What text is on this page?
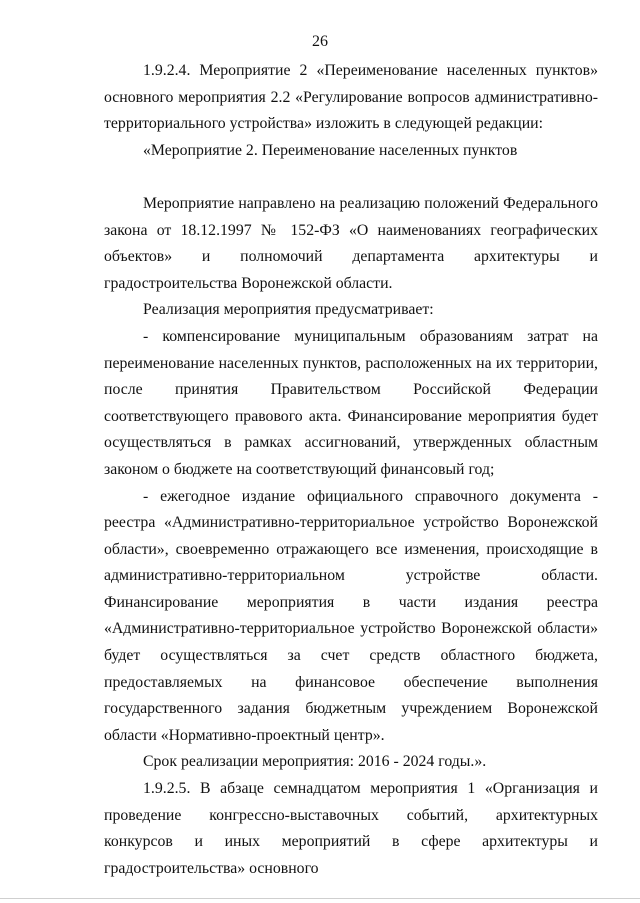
26

1.9.2.4. Мероприятие 2 «Переименование населенных пунктов» основного мероприятия 2.2 «Регулирование вопросов административно-территориального устройства» изложить в следующей редакции:

«Мероприятие 2. Переименование населенных пунктов

Мероприятие направлено на реализацию положений Федерального закона от 18.12.1997 № 152-ФЗ «О наименованиях географических объектов» и полномочий департамента архитектуры и градостроительства Воронежской области.

Реализация мероприятия предусматривает:

- компенсирование муниципальным образованиям затрат на переименование населенных пунктов, расположенных на их территории, после принятия Правительством Российской Федерации соответствующего правового акта. Финансирование мероприятия будет осуществляться в рамках ассигнований, утвержденных областным законом о бюджете на соответствующий финансовый год;

- ежегодное издание официального справочного документа - реестра «Административно-территориальное устройство Воронежской области», своевременно отражающего все изменения, происходящие в административно-территориальном устройстве области. Финансирование мероприятия в части издания реестра «Административно-территориальное устройство Воронежской области» будет осуществляться за счет средств областного бюджета, предоставляемых на финансовое обеспечение выполнения государственного задания бюджетным учреждением Воронежской области «Нормативно-проектный центр».

Срок реализации мероприятия: 2016 - 2024 годы.».

1.9.2.5. В абзаце семнадцатом мероприятия 1 «Организация и проведение конгрессно-выставочных событий, архитектурных конкурсов и иных мероприятий в сфере архитектуры и градостроительства» основного
